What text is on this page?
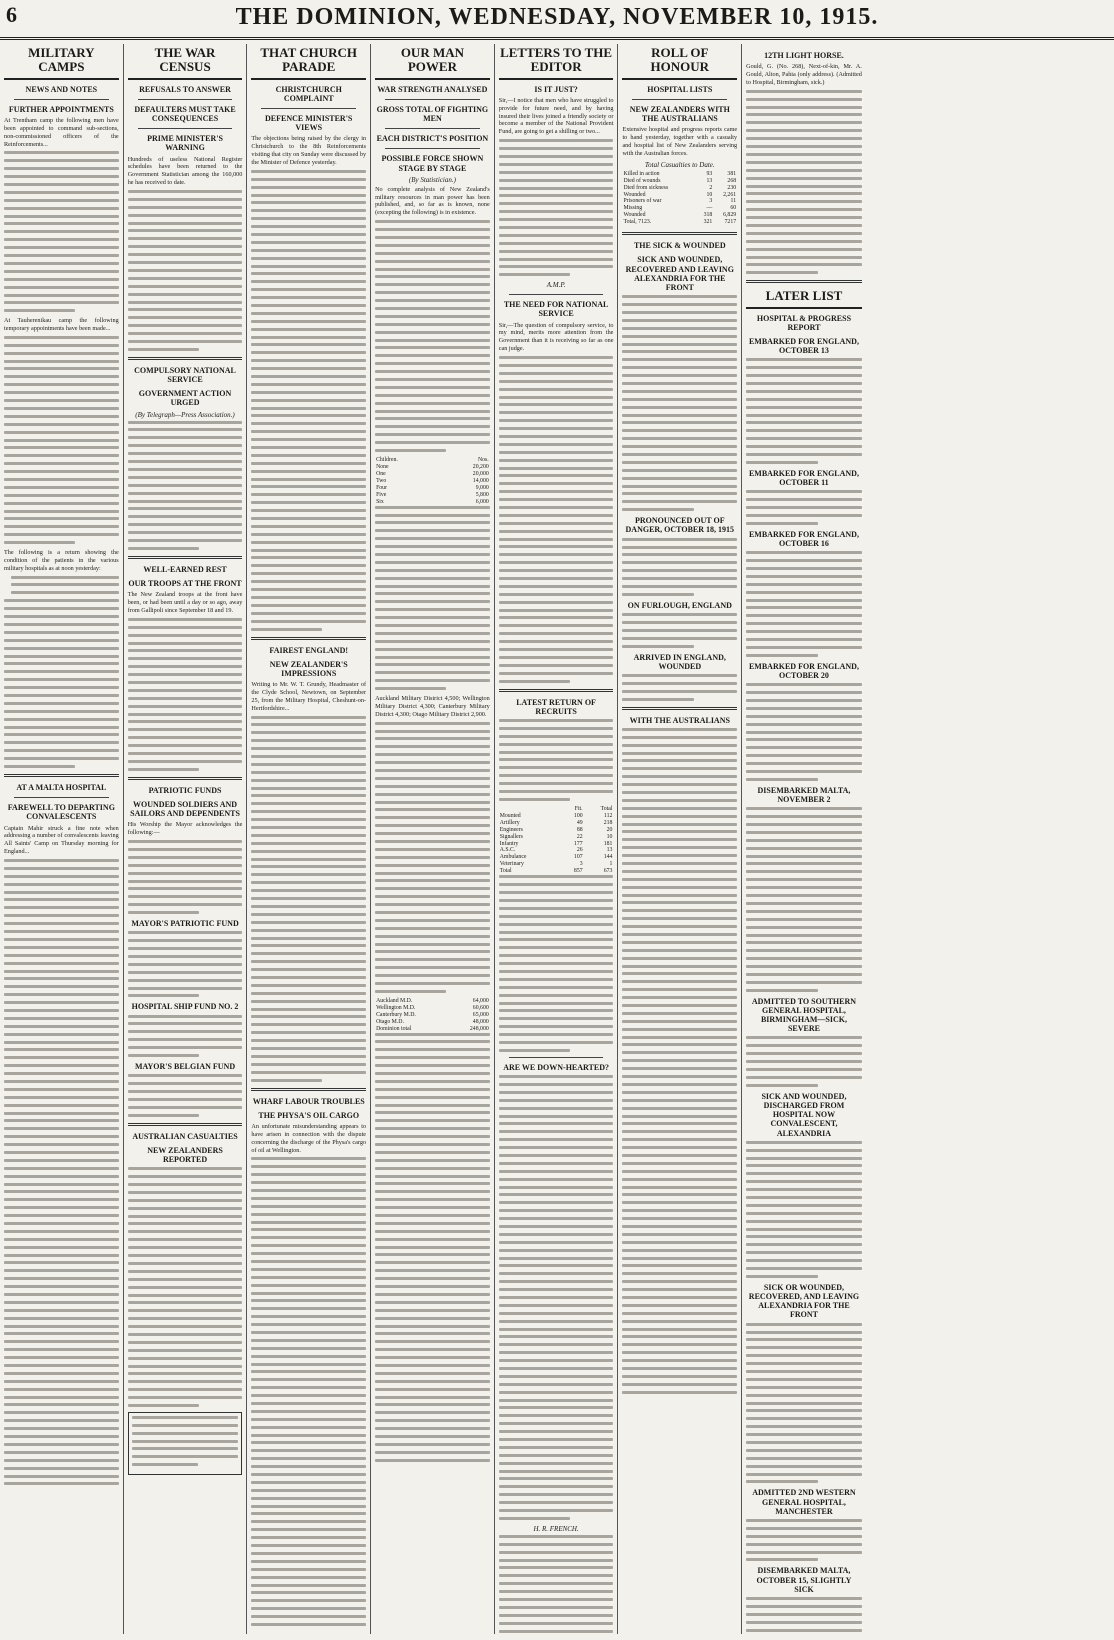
6	THE DOMINION, WEDNESDAY, NOVEMBER 10, 1915.
MILITARY CAMPS
NEWS AND NOTES
FURTHER APPOINTMENTS

At Trentham camp the following men have been appointed to command sub-sections, non-commissioned officers of the Reinforcements...

At Tauherenikau camp the following temporary appointments have been made...

The following is a return showing the condition of the patients in the various military hospitals as at noon yesterday:

AT A MALTA HOSPITAL
FAREWELL TO DEPARTING CONVALESCENTS

Captain Mahir struck a fine note when addressing a number of convalescents leaving All Saints' Camp on Thursday morning for England...

THE WAR CENSUS
REFUSALS TO ANSWER
DEFAULTERS MUST TAKE CONSEQUENCES
PRIME MINISTER'S WARNING

Hundreds of useless National Register schedules have been returned to the Government Statistician among the 160,000 he has received to date.

COMPULSORY NATIONAL SERVICE
GOVERNMENT ACTION URGED
(By Telegraph—Press Association.)
WELL-EARNED REST
OUR TROOPS AT THE FRONT

The New Zealand troops at the front have been, or had been until a day or so ago, away from Gallipoli since September 18 and 19.

PATRIOTIC FUNDS
WOUNDED SOLDIERS AND SAILORS AND DEPENDENTS

His Worship the Mayor acknowledges the following:—

MAYOR'S PATRIOTIC FUND
HOSPITAL SHIP FUND NO. 2
MAYOR'S BELGIAN FUND
AUSTRALIAN CASUALTIES
NEW ZEALANDERS REPORTED
THAT CHURCH PARADE
CHRISTCHURCH COMPLAINT
DEFENCE MINISTER'S VIEWS

The objections being raised by the clergy in Christchurch to the 8th Reinforcements visiting that city on Sunday were discussed by the Minister of Defence yesterday.

FAIREST ENGLAND!
NEW ZEALANDER'S IMPRESSIONS

Writing to Mr. W. T. Grundy, Headmaster of the Clyde School, Newtown, on September 25, from the Military Hospital, Cheshunt-on-Hertfordshire...

WHARF LABOUR TROUBLES
THE PHYSA'S OIL CARGO

An unfortunate misunderstanding appears to have arisen in connection with the dispute concerning the discharge of the Physa's cargo of oil at Wellington.

OUR MAN POWER
WAR STRENGTH ANALYSED
GROSS TOTAL OF FIGHTING MEN
EACH DISTRICT'S POSITION
POSSIBLE FORCE SHOWN STAGE BY STAGE
(By Statistician.)

No complete analysis of New Zealand's military resources in man power has been published, and, so far as is known, none (excepting the following) is in existence.

Children.	Nos.
None	20,200
One	20,000
Two	14,000
Four	9,000
Five	5,800
Six	6,000

Auckland Military District 4,500; Wellington Military District 4,300; Canterbury Military District 4,300; Otago Military District 2,900.

Auckland M.D.	64,000
Wellington M.D.	60,600
Canterbury M.D.	65,000
Otago M.D.	48,000
Dominion total	248,000
LETTERS TO THE EDITOR
IS IT JUST?

Sir,—I notice that men who have struggled to provide for future need, and by having insured their lives joined a friendly society or become a member of the National Provident Fund, are going to get a shilling or two...

A.M.P.
THE NEED FOR NATIONAL SERVICE

Sir,—The question of compulsory service, to my mind, merits more attention from the Government than it is receiving so far as one can judge.

LATEST RETURN OF RECRUITS
	Fit.	Total
Mounted	100	112
Artillery	49	218
Engineers	88	20
Signallers	22	10
Infantry	177	181
A.S.C.	26	13
Ambulance	107	144
Veterinary	3	1
Total	857	673
ARE WE DOWN-HEARTED?
H. R. FRENCH.
ROLL OF HONOUR
HOSPITAL LISTS
NEW ZEALANDERS WITH THE AUSTRALIANS

Extensive hospital and progress reports came to hand yesterday, together with a casualty and hospital list of New Zealanders serving with the Australian forces.

Total Casualties to Date.
Killed in action	93	381
Died of wounds	13	268
Died from sickness	2	230
Wounded	10	2,261
Prisoners of war	3	11
Missing	—	60
Wounded	318	6,829
Total, 7123.	321	7217
THE SICK & WOUNDED
SICK AND WOUNDED, RECOVERED AND LEAVING ALEXANDRIA FOR THE FRONT
PRONOUNCED OUT OF DANGER, OCTOBER 18, 1915
ON FURLOUGH, ENGLAND
ARRIVED IN ENGLAND, WOUNDED
WITH THE AUSTRALIANS
12TH LIGHT HORSE.

Gould, G. (No. 268), Next-of-kin, Mr. A. Gould, Alton, Pahia (only address). (Admitted to Hospital, Birmingham, sick.)

LATER LIST
HOSPITAL & PROGRESS REPORT
EMBARKED FOR ENGLAND, OCTOBER 13
EMBARKED FOR ENGLAND, OCTOBER 11
EMBARKED FOR ENGLAND, OCTOBER 16
EMBARKED FOR ENGLAND, OCTOBER 20
DISEMBARKED MALTA, NOVEMBER 2
ADMITTED TO SOUTHERN GENERAL HOSPITAL, BIRMINGHAM—SICK, SEVERE
SICK AND WOUNDED, DISCHARGED FROM HOSPITAL NOW CONVALESCENT, ALEXANDRIA
SICK OR WOUNDED, RECOVERED, AND LEAVING ALEXANDRIA FOR THE FRONT
ADMITTED 2ND WESTERN GENERAL HOSPITAL, MANCHESTER
DISEMBARKED MALTA, OCTOBER 15, SLIGHTLY SICK
